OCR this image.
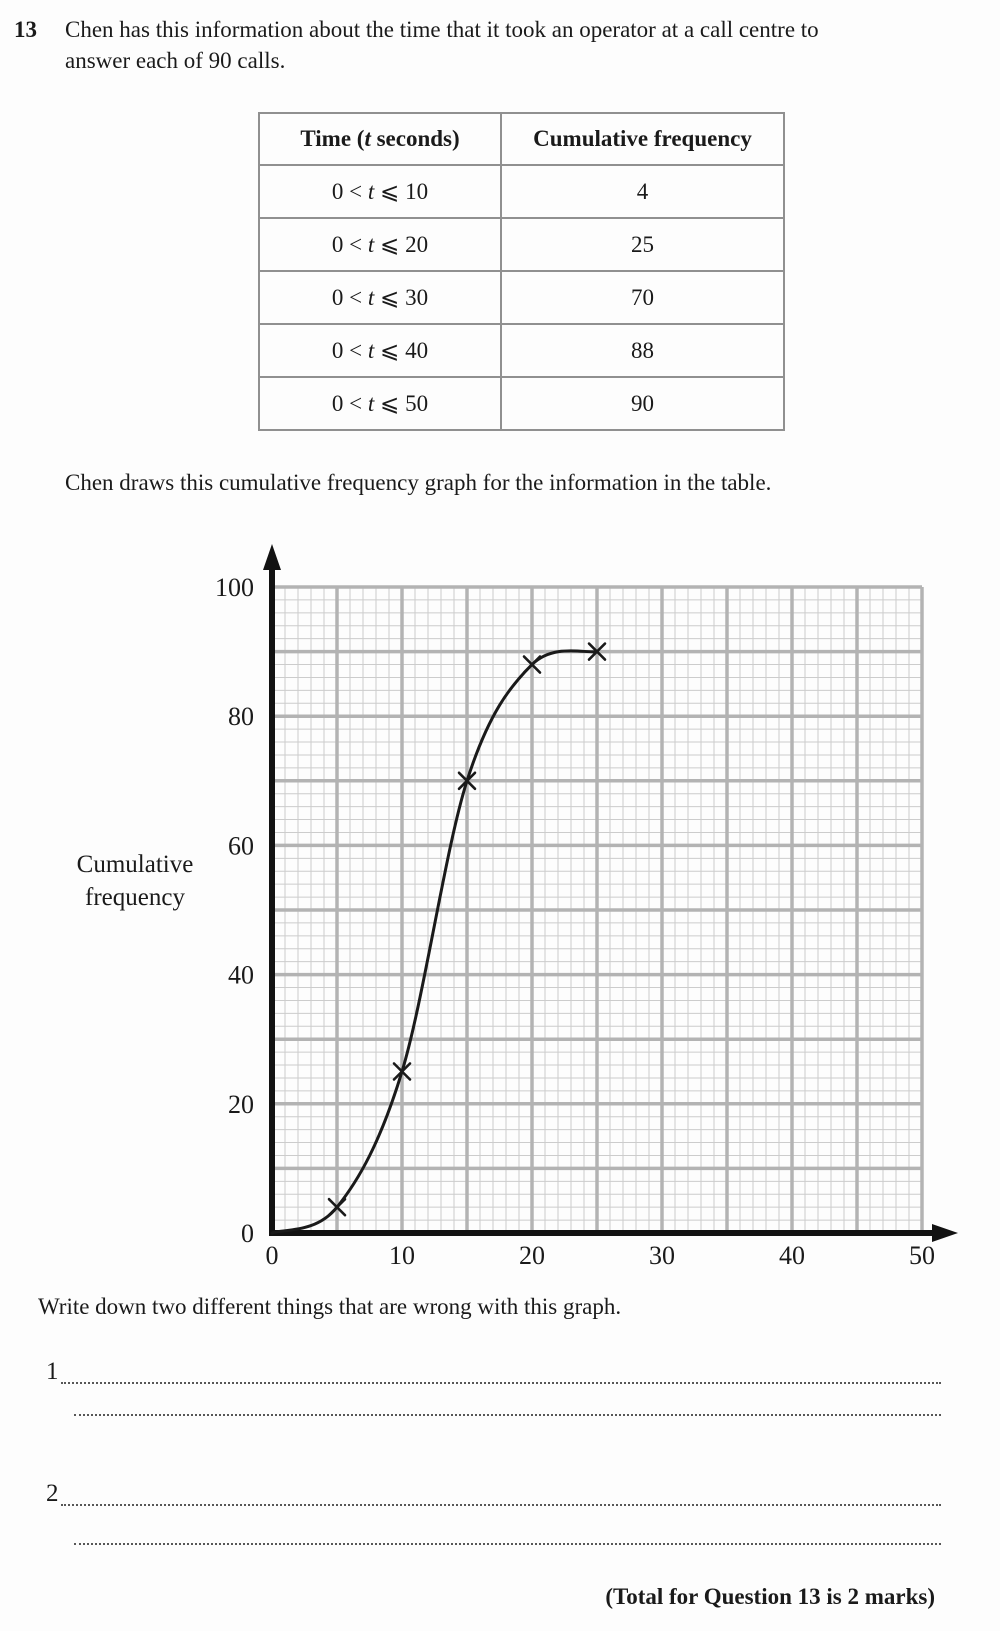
13	Chen has this information about the time that it took an operator at a call centre to
answer each of 90 calls.
Time (t seconds)	Cumulative frequency
0 < t ⩽ 10	4
0 < t ⩽ 20	25
0 < t ⩽ 30	70
0 < t ⩽ 40	88
0 < t ⩽ 50	90

Chen draws this cumulative frequency graph for the information in the table.

0
20
40
60
80
100
0	10	20	30	40	50
Cumulative
frequency

Write down two different things that are wrong with this graph.

1
2
(Total for Question 13 is 2 marks)
